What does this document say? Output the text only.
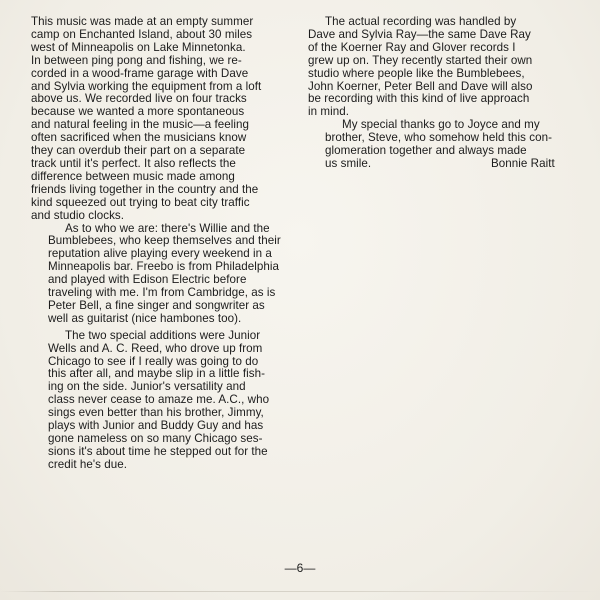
This music was made at an empty summer
camp on Enchanted Island, about 30 miles
west of Minneapolis on Lake Minnetonka.
In between ping pong and fishing, we re-
corded in a wood-frame garage with Dave
and Sylvia working the equipment from a loft
above us. We recorded live on four tracks
because we wanted a more spontaneous
and natural feeling in the music—a feeling
often sacrificed when the musicians know
they can overdub their part on a separate
track until it's perfect. It also reflects the
difference between music made among
friends living together in the country and the
kind squeezed out trying to beat city traffic
and studio clocks.

As to who we are: there's Willie and the
Bumblebees, who keep themselves and their
reputation alive playing every weekend in a
Minneapolis bar. Freebo is from Philadelphia
and played with Edison Electric before
traveling with me. I'm from Cambridge, as is
Peter Bell, a fine singer and songwriter as
well as guitarist (nice hambones too).

The two special additions were Junior
Wells and A. C. Reed, who drove up from
Chicago to see if I really was going to do
this after all, and maybe slip in a little fish-
ing on the side. Junior's versatility and
class never cease to amaze me. A.C., who
sings even better than his brother, Jimmy,
plays with Junior and Buddy Guy and has
gone nameless on so many Chicago ses-
sions it's about time he stepped out for the
credit he's due.

The actual recording was handled by
Dave and Sylvia Ray—the same Dave Ray
of the Koerner Ray and Glover records I
grew up on. They recently started their own
studio where people like the Bumblebees,
John Koerner, Peter Bell and Dave will also
be recording with this kind of live approach
in mind.

My special thanks go to Joyce and my
brother, Steve, who somehow held this con-
glomeration together and always made
us smile.	Bonnie Raitt

—6—
